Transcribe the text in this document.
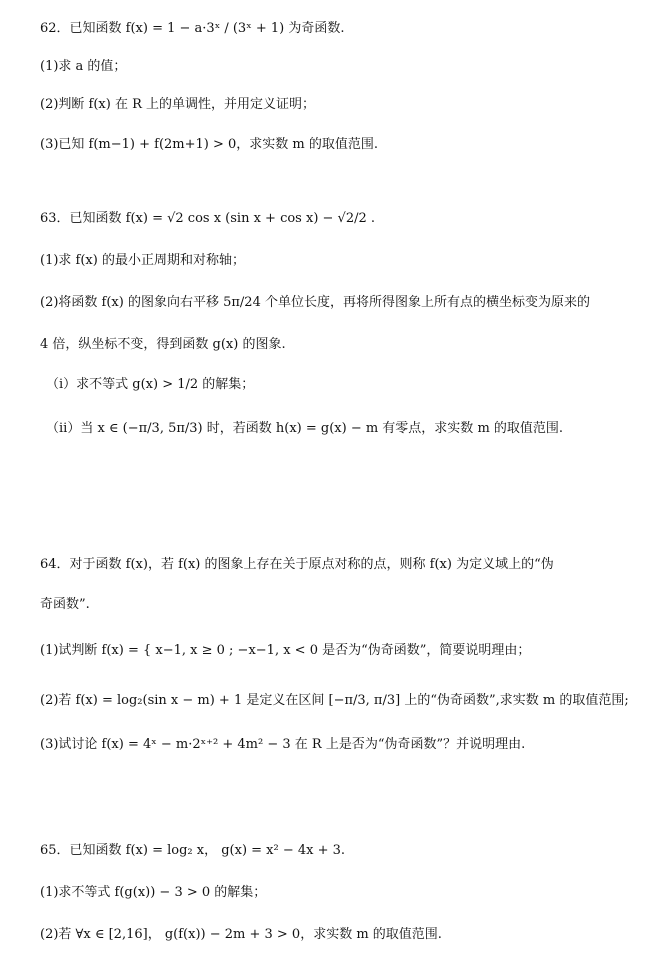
62．已知函数 f(x) = 1 − a·3ˣ / (3ˣ + 1) 为奇函数.
(1)求 a 的值；
(2)判断 f(x) 在 R 上的单调性，并用定义证明；
(3)已知 f(m−1) + f(2m+1) > 0，求实数 m 的取值范围.
63．已知函数 f(x) = √2 cos x (sin x + cos x) − √2/2 .
(1)求 f(x) 的最小正周期和对称轴；
(2)将函数 f(x) 的图象向右平移 5π/24 个单位长度，再将所得图象上所有点的横坐标变为原来的
4 倍，纵坐标不变，得到函数 g(x) 的图象.
（i）求不等式 g(x) > 1/2 的解集；
（ii）当 x ∈ (−π/3, 5π/3) 时，若函数 h(x) = g(x) − m 有零点，求实数 m 的取值范围.
64．对于函数 f(x)，若 f(x) 的图象上存在关于原点对称的点，则称 f(x) 为定义域上的“伪
奇函数”.
(1)试判断 f(x) = { x−1, x ≥ 0 ; −x−1, x < 0 是否为“伪奇函数”，简要说明理由；
(2)若 f(x) = log₂(sin x − m) + 1 是定义在区间 [−π/3, π/3] 上的“伪奇函数”,求实数 m 的取值范围;
(3)试讨论 f(x) = 4ˣ − m·2ˣ⁺² + 4m² − 3 在 R 上是否为“伪奇函数”？并说明理由.
65．已知函数 f(x) = log₂ x， g(x) = x² − 4x + 3.
(1)求不等式 f(g(x)) − 3 > 0 的解集；
(2)若 ∀x ∈ [2,16]， g(f(x)) − 2m + 3 > 0，求实数 m 的取值范围.
